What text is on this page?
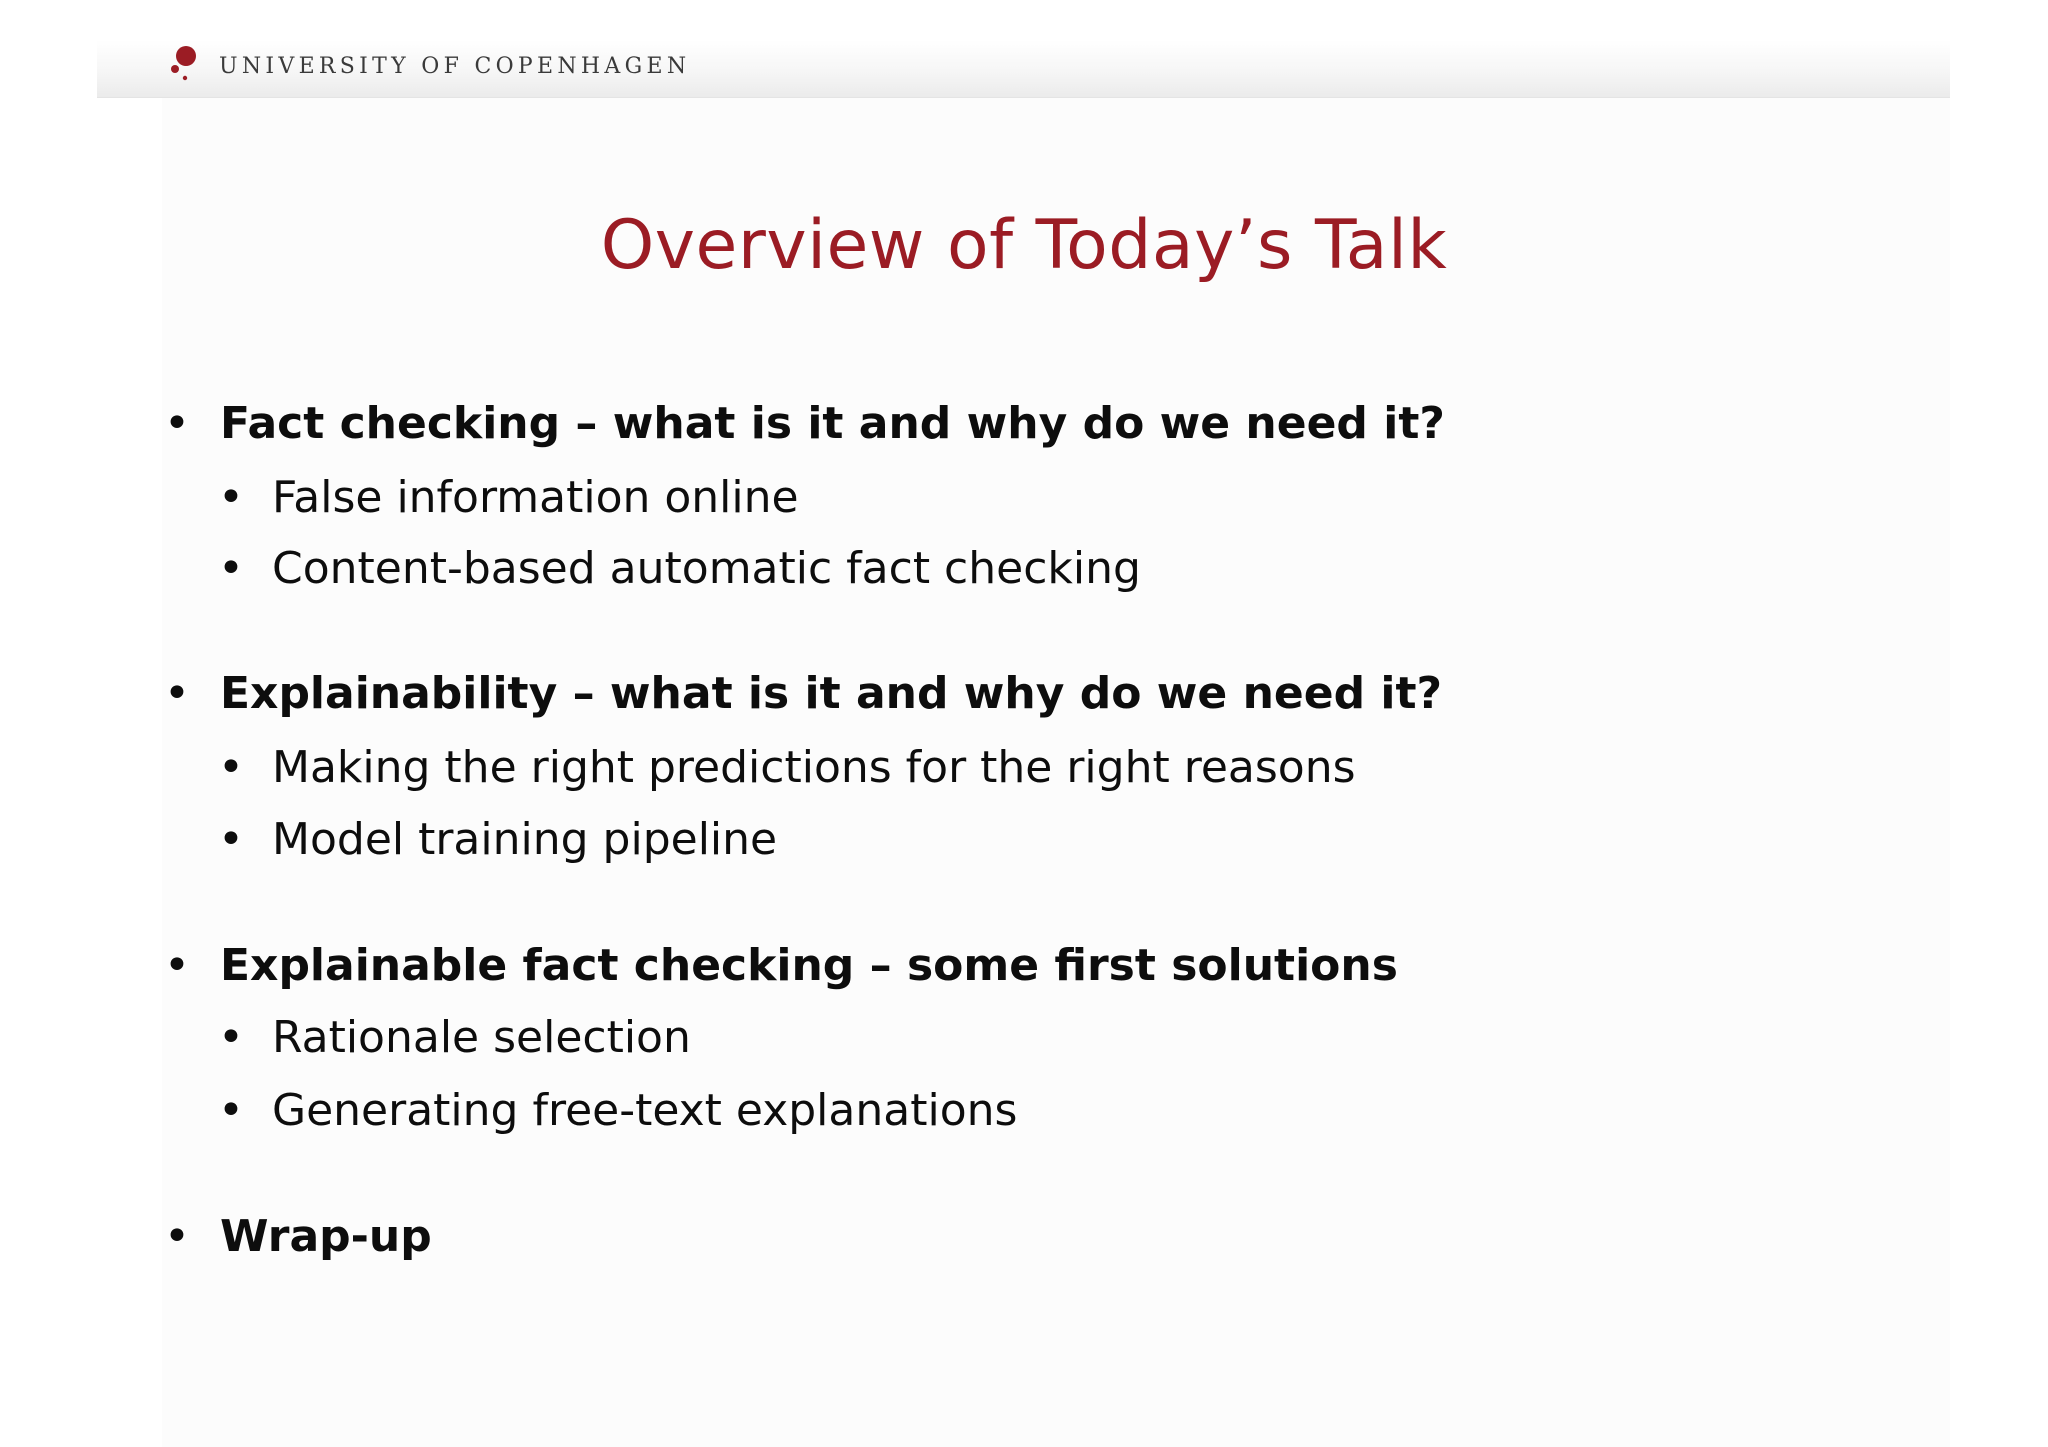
UNIVERSITY OF COPENHAGEN
Overview of Today’s Talk
• Fact checking – what is it and why do we need it?
• False information online
• Content-based automatic fact checking
• Explainability – what is it and why do we need it?
• Making the right predictions for the right reasons
• Model training pipeline
• Explainable fact checking – some first solutions
• Rationale selection
• Generating free-text explanations
• Wrap-up
